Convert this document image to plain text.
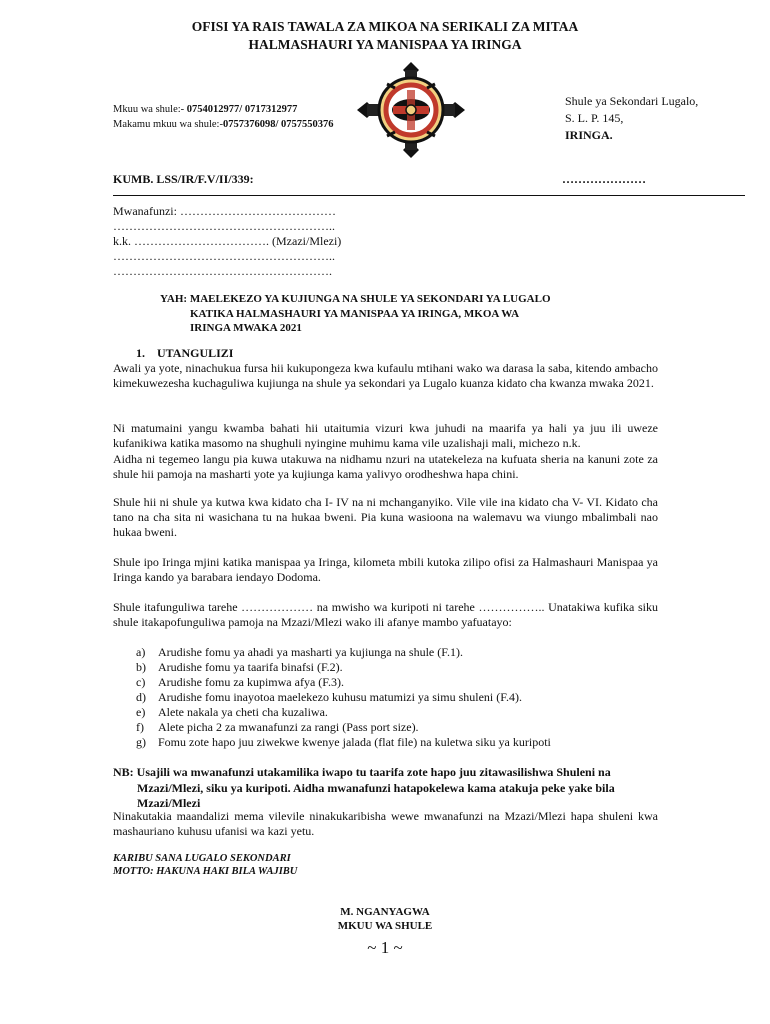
OFISI YA RAIS TAWALA ZA MIKOA NA SERIKALI ZA MITAA
HALMASHAURI YA MANISPAA YA IRINGA
Mkuu wa shule:- 0754012977/ 0717312977
Makamu mkuu wa shule:-0757376098/ 0757550376
Shule ya Sekondari Lugalo,
S. L. P. 145,
IRINGA.
KUMB. LSS/IR/F.V/II/339:	…………………
Mwanafunzi: …………………………………
………………………………………………..
k.k. ……………………………. (Mzazi/Mlezi)
………………………………………………..
……………………………………………….
YAH: MAELEKEZO YA KUJIUNGA NA SHULE YA SEKONDARI YA LUGALO
KATIKA HALMASHAURI YA MANISPAA YA IRINGA, MKOA WA
IRINGA MWAKA 2021
1. UTANGULIZI
Awali ya yote, ninachukua fursa hii kukupongeza kwa kufaulu mtihani wako wa darasa la saba, kitendo ambacho kimekuwezesha kuchaguliwa kujiunga na shule ya sekondari ya Lugalo kuanza kidato cha kwanza mwaka 2021.
Ni matumaini yangu kwamba bahati hii utaitumia vizuri kwa juhudi na maarifa ya hali ya juu ili uweze kufanikiwa katika masomo na shughuli nyingine muhimu kama vile uzalishaji mali, michezo n.k.
Aidha ni tegemeo langu pia kuwa utakuwa na nidhamu nzuri na utatekeleza na kufuata sheria na kanuni zote za shule hii pamoja na masharti yote ya kujiunga kama yalivyo orodheshwa hapa chini.
Shule hii ni shule ya kutwa kwa kidato cha I- IV na ni mchanganyiko. Vile vile ina kidato cha V- VI. Kidato cha tano na cha sita ni wasichana tu na hukaa bweni. Pia kuna wasioona na walemavu wa viungo mbalimbali nao hukaa bweni.
Shule ipo Iringa mjini katika manispaa ya Iringa, kilometa mbili kutoka zilipo ofisi za Halmashauri Manispaa ya Iringa kando ya barabara iendayo Dodoma.
Shule itafunguliwa tarehe ……………… na mwisho wa kuripoti ni tarehe …………….. Unatakiwa kufika siku shule itakapofunguliwa pamoja na Mzazi/Mlezi wako ili afanye mambo yafuatayo:
a) Arudishe fomu ya ahadi ya masharti ya kujiunga na shule (F.1).
b) Arudishe fomu ya taarifa binafsi (F.2).
c) Arudishe fomu za kupimwa afya (F.3).
d) Arudishe fomu inayotoa maelekezo kuhusu matumizi ya simu shuleni (F.4).
e) Alete nakala ya cheti cha kuzaliwa.
f) Alete picha 2 za mwanafunzi za rangi (Pass port size).
g) Fomu zote hapo juu ziwekwe kwenye jalada (flat file) na kuletwa siku ya kuripoti
NB: Usajili wa mwanafunzi utakamilika iwapo tu taarifa zote hapo juu zitawasilishwa Shuleni na
Mzazi/Mlezi, siku ya kuripoti. Aidha mwanafunzi hatapokelewa kama atakuja peke yake bila
Mzazi/Mlezi
Ninakutakia maandalizi mema vilevile ninakukaribisha wewe mwanafunzi na Mzazi/Mlezi hapa shuleni kwa mashauriano kuhusu ufanisi wa kazi yetu.
KARIBU SANA LUGALO SEKONDARI
MOTTO: HAKUNA HAKI BILA WAJIBU
M. NGANYAGWA
MKUU WA SHULE
~ 1 ~
